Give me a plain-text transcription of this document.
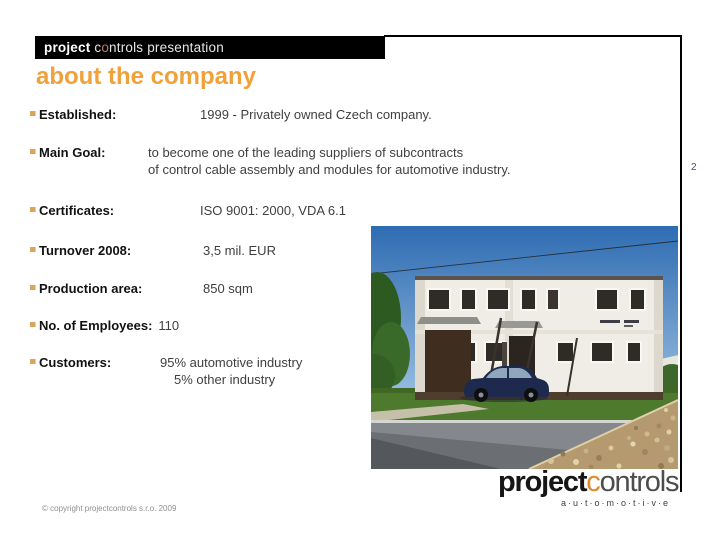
project controls presentation
about the company
Established:	1999 - Privately owned Czech company.
Main Goal:	to become one of the leading suppliers of subcontracts
of control cable assembly and modules for automotive industry.
Certificates:	ISO 9001: 2000, VDA 6.1
Turnover 2008:	3,5 mil. EUR
Production area:	850 sqm
No. of Employees: 110
Customers:	95% automotive industry
5% other industry
2
projectcontrols
a·u·t·o·m·o·t·i·v·e
© copyright projectcontrols s.r.o. 2009
